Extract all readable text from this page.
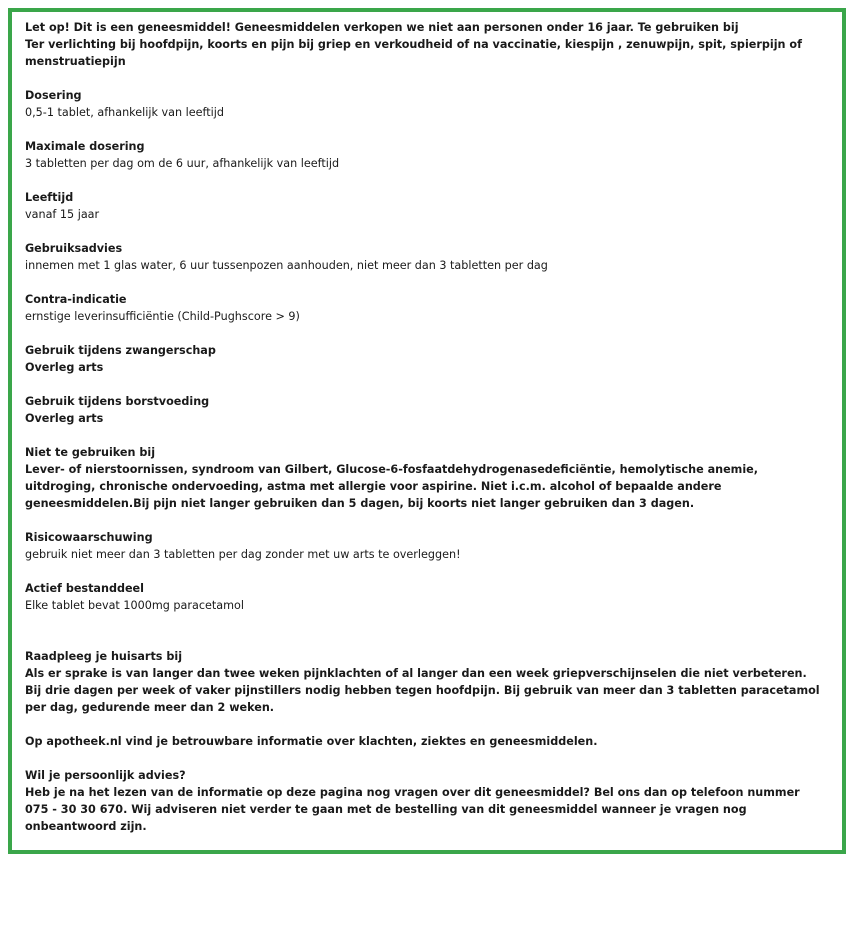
Let op! Dit is een geneesmiddel! Geneesmiddelen verkopen we niet aan personen onder 16 jaar. Te gebruiken bij

Ter verlichting bij hoofdpijn, koorts en pijn bij griep en verkoudheid of na vaccinatie, kiespijn , zenuwpijn, spit, spierpijn of menstruatiepijn

Dosering

0,5-1 tablet, afhankelijk van leeftijd

Maximale dosering

3 tabletten per dag om de 6 uur, afhankelijk van leeftijd

Leeftijd

vanaf 15 jaar

Gebruiksadvies

innemen met 1 glas water, 6 uur tussenpozen aanhouden, niet meer dan 3 tabletten per dag

Contra-indicatie

ernstige leverinsufficiëntie (Child-Pughscore > 9)

Gebruik tijdens zwangerschap

Overleg arts

Gebruik tijdens borstvoeding

Overleg arts

Niet te gebruiken bij

Lever- of nierstoornissen, syndroom van Gilbert, Glucose-6-fosfaatdehydrogenasedeficiëntie, hemolytische anemie, uitdroging, chronische ondervoeding, astma met allergie voor aspirine. Niet i.c.m. alcohol of bepaalde andere geneesmiddelen.Bij pijn niet langer gebruiken dan 5 dagen, bij koorts niet langer gebruiken dan 3 dagen.

Risicowaarschuwing

gebruik niet meer dan 3 tabletten per dag zonder met uw arts te overleggen!

Actief bestanddeel

Elke tablet bevat 1000mg paracetamol

Raadpleeg je huisarts bij

Als er sprake is van langer dan twee weken pijnklachten of al langer dan een week griepverschijnselen die niet verbeteren. Bij drie dagen per week of vaker pijnstillers nodig hebben tegen hoofdpijn. Bij gebruik van meer dan 3 tabletten paracetamol per dag, gedurende meer dan 2 weken.

Op apotheek.nl vind je betrouwbare informatie over klachten, ziektes en geneesmiddelen.

Wil je persoonlijk advies?

Heb je na het lezen van de informatie op deze pagina nog vragen over dit geneesmiddel? Bel ons dan op telefoon nummer 075 - 30 30 670. Wij adviseren niet verder te gaan met de bestelling van dit geneesmiddel wanneer je vragen nog onbeantwoord zijn.
